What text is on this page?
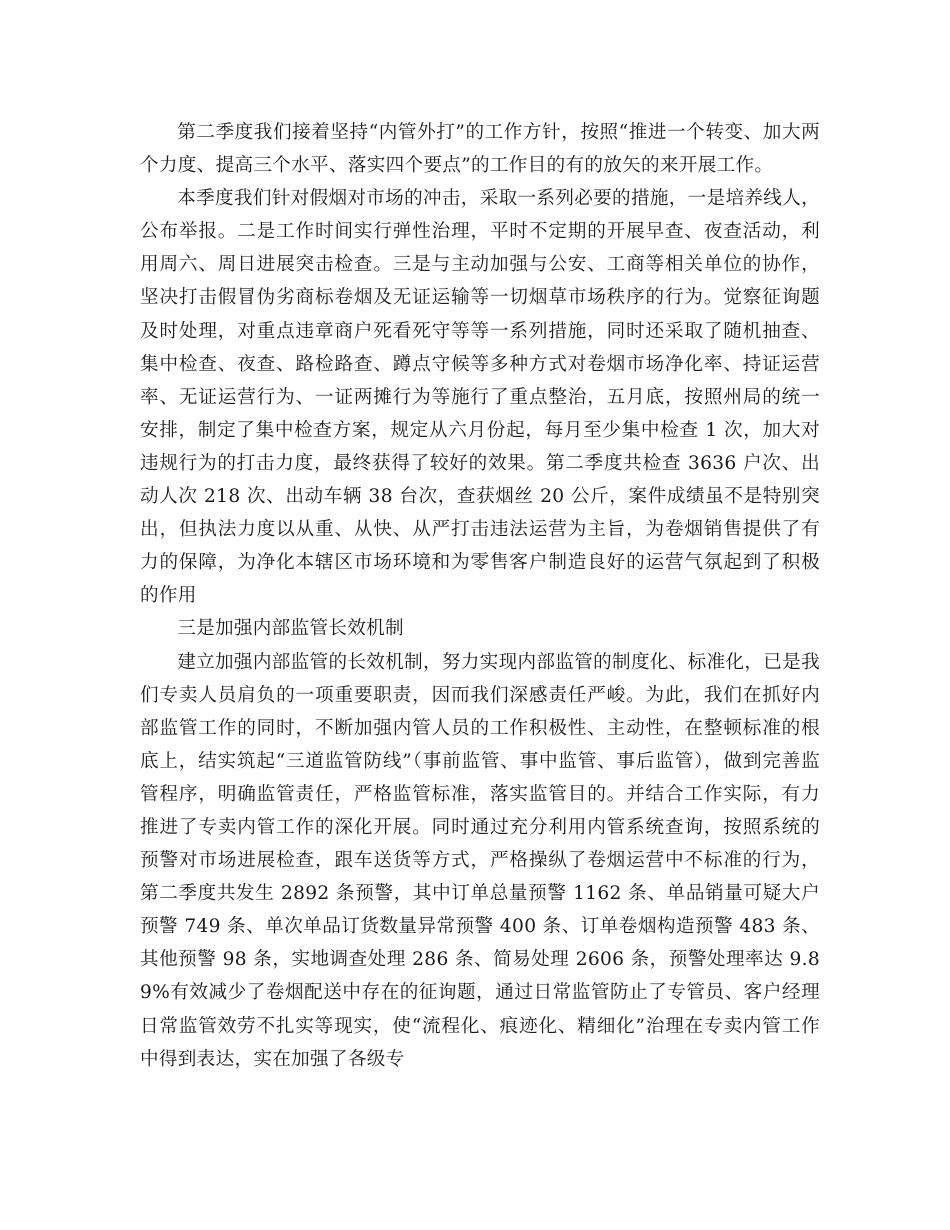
第二季度我们接着坚持“内管外打”的工作方针，按照“推进一个转变、加大两个力度、提高三个水平、落实四个要点”的工作目的有的放矢的来开展工作。

本季度我们针对假烟对市场的冲击，采取一系列必要的措施，一是培养线人，公布举报。二是工作时间实行弹性治理，平时不定期的开展早查、夜查活动，利用周六、周日进展突击检查。三是与主动加强与公安、工商等相关单位的协作，坚决打击假冒伪劣商标卷烟及无证运输等一切烟草市场秩序的行为。觉察征询题及时处理，对重点违章商户死看死守等等一系列措施，同时还采取了随机抽查、集中检查、夜查、路检路查、蹲点守候等多种方式对卷烟市场净化率、持证运营率、无证运营行为、一证两摊行为等施行了重点整治，五月底，按照州局的统一安排，制定了集中检查方案，规定从六月份起，每月至少集中检查 1 次，加大对违规行为的打击力度，最终获得了较好的效果。第二季度共检查 3636 户次、出动人次 218 次、出动车辆 38 台次，查获烟丝 20 公斤，案件成绩虽不是特别突出，但执法力度以从重、从快、从严打击违法运营为主旨，为卷烟销售提供了有力的保障，为净化本辖区市场环境和为零售客户制造良好的运营气氛起到了积极的作用

三是加强内部监管长效机制

建立加强内部监管的长效机制，努力实现内部监管的制度化、标准化，已是我们专卖人员肩负的一项重要职责，因而我们深感责任严峻。为此，我们在抓好内部监管工作的同时，不断加强内管人员的工作积极性、主动性，在整顿标准的根底上，结实筑起“三道监管防线”（事前监管、事中监管、事后监管），做到完善监管程序，明确监管责任，严格监管标准，落实监管目的。并结合工作实际，有力推进了专卖内管工作的深化开展。同时通过充分利用内管系统查询，按照系统的预警对市场进展检查，跟车送货等方式，严格操纵了卷烟运营中不标准的行为，第二季度共发生 2892 条预警，其中订单总量预警 1162 条、单品销量可疑大户预警 749 条、单次单品订货数量异常预警 400 条、订单卷烟构造预警 483 条、其他预警 98 条，实地调查处理 286 条、简易处理 2606 条，预警处理率达 9.89%有效减少了卷烟配送中存在的征询题，通过日常监管防止了专管员、客户经理日常监管效劳不扎实等现实，使“流程化、痕迹化、精细化”治理在专卖内管工作中得到表达，实在加强了各级专
